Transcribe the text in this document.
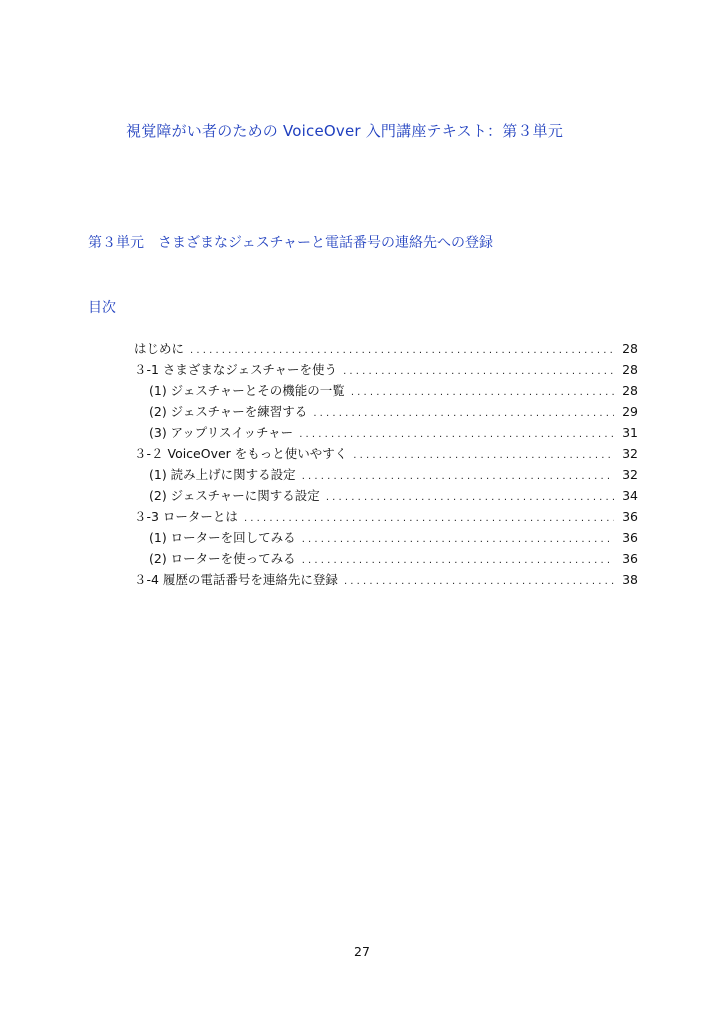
視覚障がい者のための VoiceOver 入門講座テキスト：第３単元
第３単元　さまざまなジェスチャーと電話番号の連絡先への登録
目次
はじめに . . .	28
３-1 さまざまなジェスチャーを使う . . .	28
(1) ジェスチャーとその機能の一覧 . . .	28
(2) ジェスチャーを練習する . . .	29
(3) アップリスイッチャー . . .	31
３-２ VoiceOver をもっと使いやすく . . .	32
(1) 読み上げに関する設定 . . .	32
(2) ジェスチャーに関する設定 . . .	34
３-3 ローターとは . . .	36
(1) ローターを回してみる . . .	36
(2) ローターを使ってみる . . .	36
３-4 履歴の電話番号を連絡先に登録 . . .	38
27
